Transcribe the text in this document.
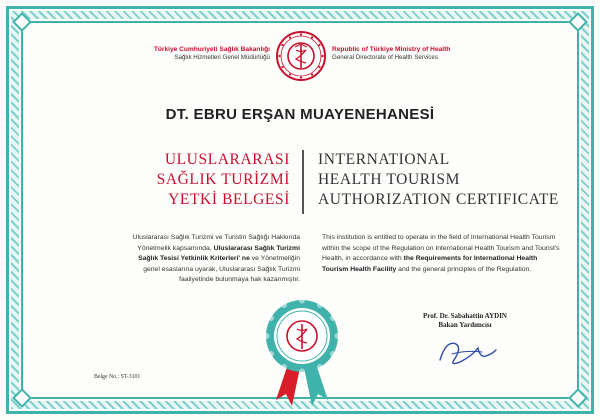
Türkiye Cumhuriyeti Sağlık Bakanlığı
Sağlık Hizmetleri Genel Müdürlüğü
Republic of Türkiye Ministry of Health
General Directorate of Health Services
DT. EBRU ERŞAN MUAYENEHANESİ
ULUSLARARASI
SAĞLIK TURİZMİ
YETKİ BELGESİ
INTERNATIONAL
HEALTH TOURISM
AUTHORIZATION CERTIFICATE
Uluslararası Sağlık Turizmi ve Turistin Sağlığı Hakkında Yönetmelik kapsamında, Uluslararası Sağlık Turizmi Sağlık Tesisi Yetkinlik Kriterleri' ne ve Yönetmeliğin genel esaslarına uyarak, Uluslararası Sağlık Turizmi faaliyetinde bulunmaya hak kazanmıştır.
This institution is entitled to operate in the field of International Health Tourism within the scope of the Regulation on International Health Tourism and Tourist's Health, in accordance with the Requirements for International Health Tourism Health Facility and the general principles of the Regulation.
Prof. Dr. Sabahattin AYDIN
Bakan Yardımcısı
Belge No.: ST-3101
